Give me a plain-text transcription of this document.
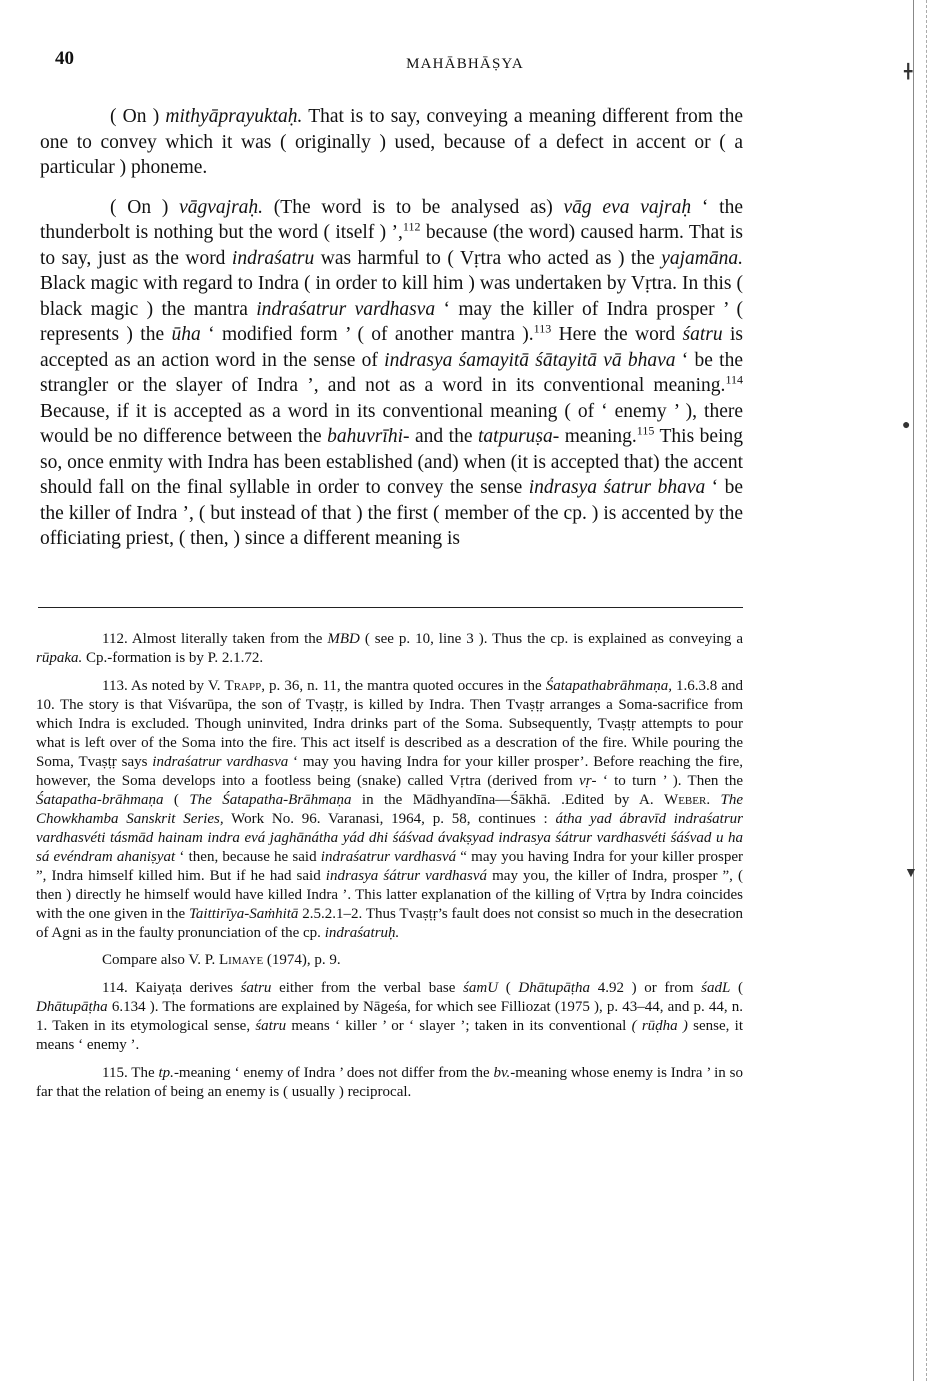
40	MAHĀBHĀṢYA

( On ) mithyāprayuktaḥ. That is to say, conveying a meaning different from the one to convey which it was ( originally ) used, because of a defect in accent or ( a particular ) phoneme.

( On ) vāgvajraḥ. (The word is to be analysed as) vāg eva vajraḥ ‘ the thunderbolt is nothing but the word ( itself ) ’,$^{112}$ because (the word) caused harm. That is to say, just as the word indraśatru was harmful to ( Vṛtra who acted as ) the yajamāna. Black magic with regard to Indra ( in order to kill him ) was undertaken by Vṛtra. In this ( black magic ) the mantra indraśatrur vardhasva ‘ may the killer of Indra prosper ’ ( represents ) the ūha ‘ modified form ’ ( of another mantra ).$^{113}$ Here the word śatru is accepted as an action word in the sense of indrasya śamayitā śātayitā vā bhava ‘ be the strangler or the slayer of Indra ’, and not as a word in its conventional meaning.$^{114}$ Because, if it is accepted as a word in its conventional meaning ( of ‘ enemy ’ ), there would be no difference between the bahuvrīhi- and the tatpuruṣa- meaning.$^{115}$ This being so, once enmity with Indra has been established (and) when (it is accepted that) the accent should fall on the final syllable in order to convey the sense indrasya śatrur bhava ‘ be the killer of Indra ’, ( but instead of that ) the first ( member of the cp. ) is accented by the officiating priest, ( then, ) since a different meaning is

112. Almost literally taken from the MBD ( see p. 10, line 3 ). Thus the cp. is explained as conveying a rūpaka. Cp.-formation is by P. 2.1.72.

113. As noted by V. Trapp, p. 36, n. 11, the mantra quoted occures in the Śatapathabrāhmaṇa, 1.6.3.8 and 10. The story is that Viśvarūpa, the son of Tvaṣṭṛ, is killed by Indra. Then Tvaṣṭṛ arranges a Soma-sacrifice from which Indra is excluded. Though uninvited, Indra drinks part of the Soma. Subsequently, Tvaṣṭṛ attempts to pour what is left over of the Soma into the fire. This act itself is described as a descration of the fire. While pouring the Soma, Tvaṣṭṛ says indraśatrur vardhasva ‘ may you having Indra for your killer prosper’. Before reaching the fire, however, the Soma develops into a footless being (snake) called Vṛtra (derived from vṛ- ‘ to turn ’ ). Then the Śatapatha-brāhmaṇa ( The Śatapatha-Brāhmaṇa in the Mādhyandīna—Śākhā. .Edited by A. Weber. The Chowkhamba Sanskrit Series, Work No. 96. Varanasi, 1964, p. 58, continues : átha yad ábravīd indraśatrur vardhasvéti tásmād hainam indra evá jaghānátha yád dhi śáśvad ávakṣyad indrasya śátrur vardhasvéti śáśvad u ha sá evéndram ahaniṣyat ‘ then, because he said indraśatrur vardhasvá “ may you having Indra for your killer prosper ”, Indra himself killed him. But if he had said indrasya śátrur vardhasvá may you, the killer of Indra, prosper ”, ( then ) directly he himself would have killed Indra ’. This latter explanation of the killing of Vṛtra by Indra coincides with the one given in the Taittirīya-Saṁhitā 2.5.2.1–2. Thus Tvaṣṭṛ’s fault does not consist so much in the desecration of Agni as in the faulty pronunciation of the cp. indraśatruḥ.

Compare also V. P. Limaye (1974), p. 9.

114. Kaiyaṭa derives śatru either from the verbal base śamU ( Dhātupāṭha 4.92 ) or from śadL ( Dhātupāṭha 6.134 ). The formations are explained by Nāgeśa, for which see Filliozat (1975 ), p. 43–44, and p. 44, n. 1. Taken in its etymological sense, śatru means ‘ killer ’ or ‘ slayer ’; taken in its conventional ( rūḍha ) sense, it means ‘ enemy ’.

115. The tp.-meaning ‘ enemy of Indra ’ does not differ from the bv.-meaning whose enemy is Indra ’ in so far that the relation of being an enemy is ( usually ) reciprocal.

╋
●
▼
